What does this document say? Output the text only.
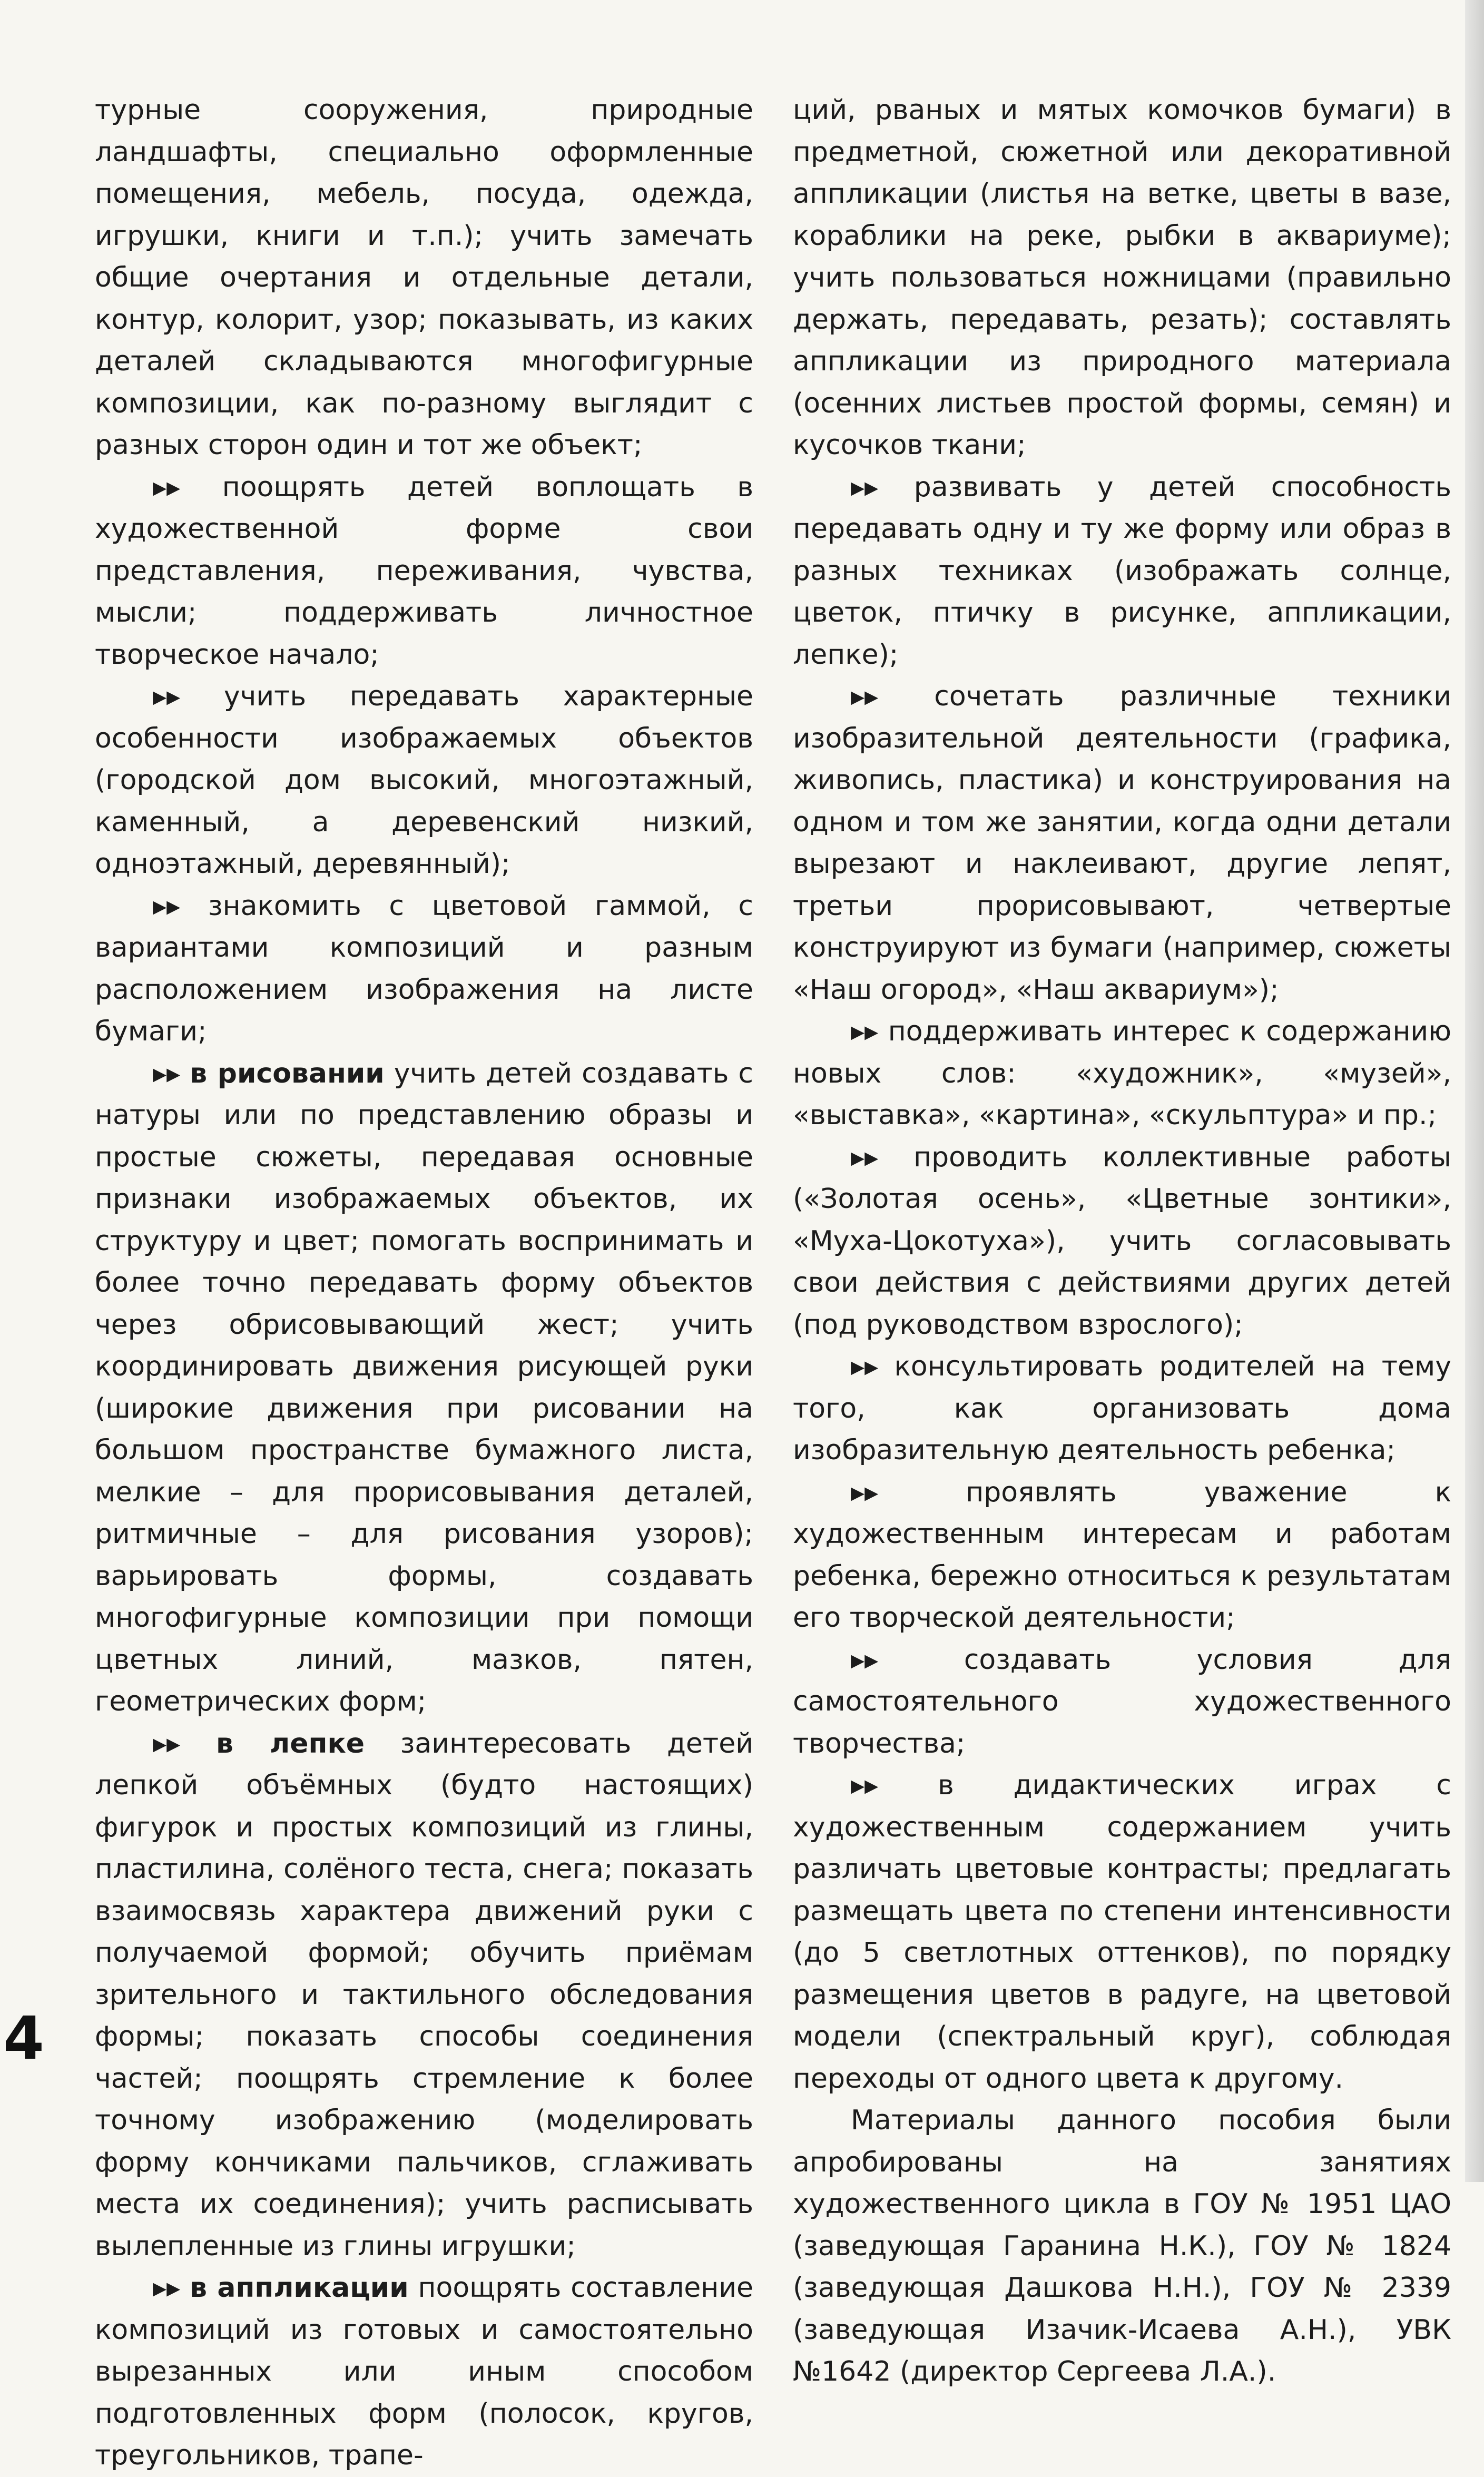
турные сооружения, природные ландшафты, специально оформленные помещения, мебель, посуда, одежда, игрушки, книги и т.п.); учить замечать общие очертания и отдельные детали, контур, колорит, узор; показывать, из каких деталей складываются многофигурные композиции, как по-разному выглядит с разных сторон один и тот же объект;

▸▸ поощрять детей воплощать в художественной форме свои представления, переживания, чувства, мысли; поддерживать личностное творческое начало;

▸▸ учить передавать характерные особенности изображаемых объектов (городской дом высокий, многоэтажный, каменный, а деревенский низкий, одноэтажный, деревянный);

▸▸ знакомить с цветовой гаммой, с вариантами композиций и разным расположением изображения на листе бумаги;

▸▸ в рисовании учить детей создавать с натуры или по представлению образы и простые сюжеты, передавая основные признаки изображаемых объектов, их структуру и цвет; помогать воспринимать и более точно передавать форму объектов через обрисовывающий жест; учить координировать движения рисующей руки (широкие движения при рисовании на большом пространстве бумажного листа, мелкие – для прорисовывания деталей, ритмичные – для рисования узоров); варьировать формы, создавать многофигурные композиции при помощи цветных линий, мазков, пятен, геометрических форм;

▸▸ в лепке заинтересовать детей лепкой объёмных (будто настоящих) фигурок и простых композиций из глины, пластилина, солёного теста, снега; показать взаимосвязь характера движений руки с получаемой формой; обучить приёмам зрительного и тактильного обследования формы; показать способы соединения частей; поощрять стремление к более точному изображению (моделировать форму кончиками пальчиков, сглаживать места их соединения); учить расписывать вылепленные из глины игрушки;

▸▸ в аппликации поощрять составление композиций из готовых и самостоятельно вырезанных или иным способом подготовленных форм (полосок, кругов, треугольников, трапе-

ций, рваных и мятых комочков бумаги) в предметной, сюжетной или декоративной аппликации (листья на ветке, цветы в вазе, кораблики на реке, рыбки в аквариуме); учить пользоваться ножницами (правильно держать, передавать, резать); составлять аппликации из природного материала (осенних листьев простой формы, семян) и кусочков ткани;

▸▸ развивать у детей способность передавать одну и ту же форму или образ в разных техниках (изображать солнце, цветок, птичку в рисунке, аппликации, лепке);

▸▸ сочетать различные техники изобразительной деятельности (графика, живопись, пластика) и конструирования на одном и том же занятии, когда одни детали вырезают и наклеивают, другие лепят, третьи прорисовывают, четвертые конструируют из бумаги (например, сюжеты «Наш огород», «Наш аквариум»);

▸▸ поддерживать интерес к содержанию новых слов: «художник», «музей», «выставка», «картина», «скульптура» и пр.;

▸▸ проводить коллективные работы («Золотая осень», «Цветные зонтики», «Муха-Цокотуха»), учить согласовывать свои действия с действиями других детей (под руководством взрослого);

▸▸ консультировать родителей на тему того, как организовать дома изобразительную деятельность ребенка;

▸▸	проявлять уважение к художественным интересам и работам ребенка, бережно относиться к результатам его творческой деятельности;

▸▸	создавать условия для самостоятельного художественного творчества;

▸▸ в дидактических играх с художественным содержанием учить различать цветовые контрасты; предлагать размещать цвета по степени интенсивности (до 5 светлотных оттенков), по порядку размещения цветов в радуге, на цветовой модели (спектральный круг), соблюдая переходы от одного цвета к другому.

Материалы данного пособия были апробированы на занятиях художественного цикла в ГОУ № 1951 ЦАО (заведующая Гаранина Н.К.), ГОУ № 1824 (заведующая Дашкова Н.Н.), ГОУ № 2339 (заведующая Изачик-Исаева А.Н.), УВК №1642 (директор Сергеева Л.А.).

4
